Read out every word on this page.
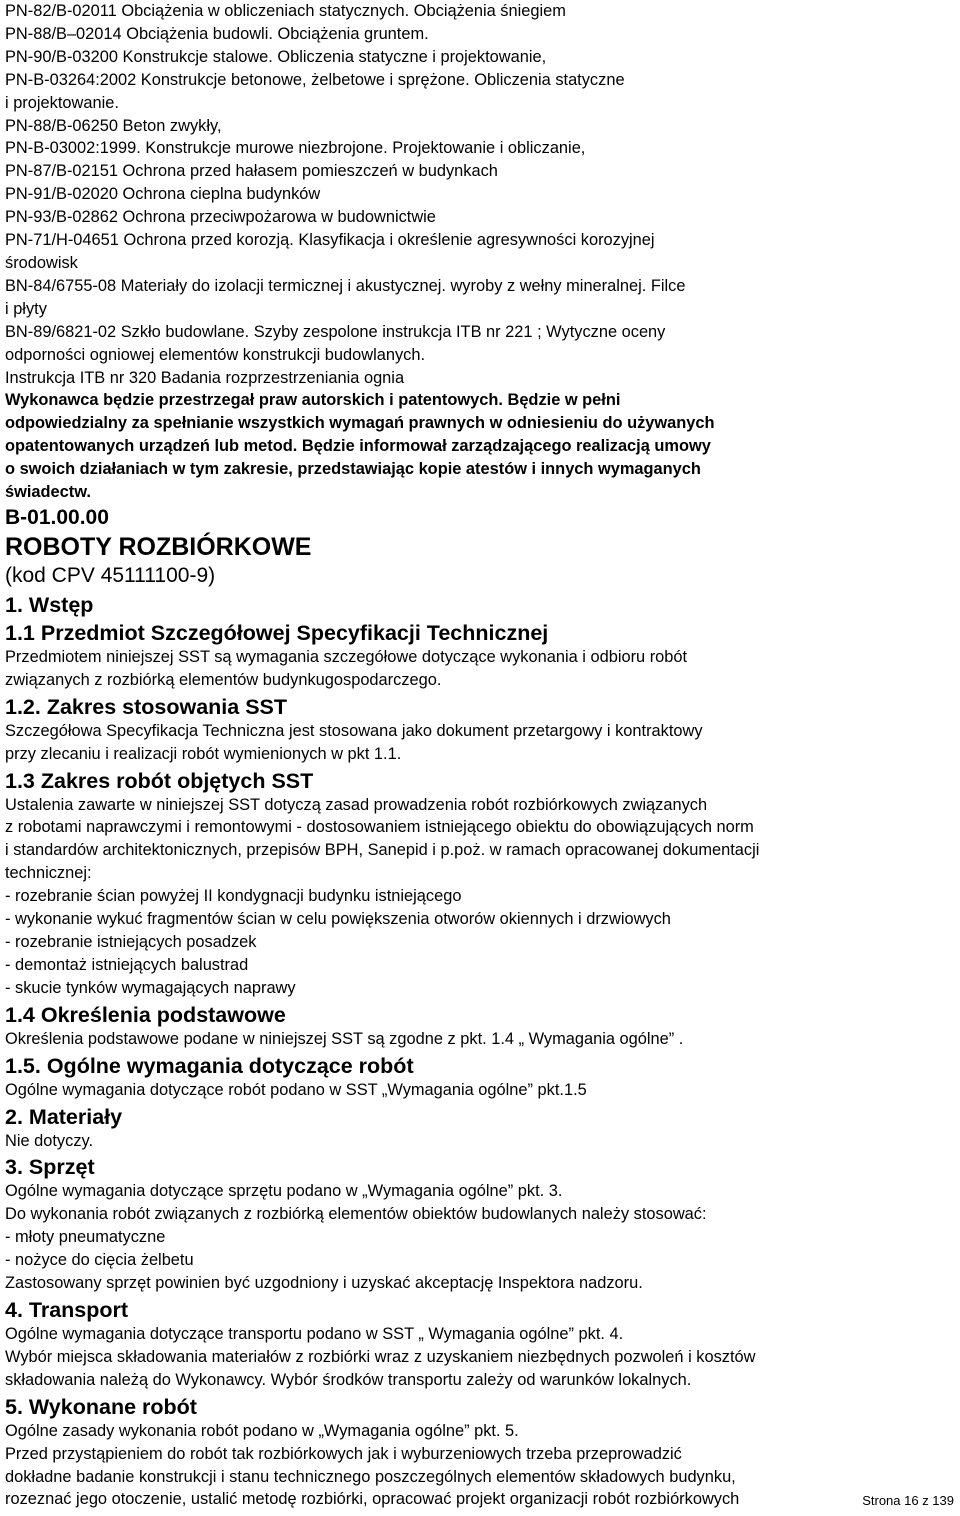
PN-82/B-02011 Obciążenia w obliczeniach statycznych. Obciążenia śniegiem
PN-88/B–02014 Obciążenia budowli. Obciążenia gruntem.
PN-90/B-03200 Konstrukcje stalowe. Obliczenia statyczne i projektowanie,
PN-B-03264:2002 Konstrukcje betonowe, żelbetowe i sprężone. Obliczenia statyczne
i projektowanie.
PN-88/B-06250 Beton zwykły,
PN-B-03002:1999. Konstrukcje murowe niezbrojone. Projektowanie i obliczanie,
PN-87/B-02151 Ochrona przed hałasem pomieszczeń w budynkach
PN-91/B-02020 Ochrona cieplna budynków
PN-93/B-02862 Ochrona przeciwpożarowa w budownictwie
PN-71/H-04651 Ochrona przed korozją. Klasyfikacja i określenie agresywności korozyjnej
środowisk
BN-84/6755-08 Materiały do izolacji termicznej i akustycznej. wyroby z wełny mineralnej. Filce
i płyty
BN-89/6821-02 Szkło budowlane. Szyby zespolone instrukcja ITB nr 221 ; Wytyczne oceny
odporności ogniowej elementów konstrukcji budowlanych.
Instrukcja ITB nr 320 Badania rozprzestrzeniania ognia
Wykonawca będzie przestrzegał praw autorskich i patentowych. Będzie w pełni
odpowiedzialny za spełnianie wszystkich wymagań prawnych w odniesieniu do używanych
opatentowanych urządzeń lub metod. Będzie informował zarządzającego realizacją umowy
o swoich działaniach w tym zakresie, przedstawiając kopie atestów i innych wymaganych
świadectw.
B-01.00.00
ROBOTY ROZBIÓRKOWE
(kod CPV 45111100-9)
1. Wstęp
1.1 Przedmiot Szczegółowej Specyfikacji Technicznej
Przedmiotem niniejszej SST są wymagania szczegółowe dotyczące wykonania i odbioru robót
związanych z rozbiórką elementów budynkugospodarczego.
1.2. Zakres stosowania SST
Szczegółowa Specyfikacja Techniczna jest stosowana jako dokument przetargowy i kontraktowy
przy zlecaniu i realizacji robót wymienionych w pkt 1.1.
1.3 Zakres robót objętych SST
Ustalenia zawarte w niniejszej SST dotyczą zasad prowadzenia robót rozbiórkowych związanych
z robotami naprawczymi i remontowymi - dostosowaniem istniejącego obiektu do obowiązujących norm
i standardów architektonicznych, przepisów BPH, Sanepid i p.poż. w ramach opracowanej dokumentacji
technicznej:
- rozebranie ścian powyżej II kondygnacji budynku istniejącego
- wykonanie wykuć fragmentów ścian w celu powiększenia otworów okiennych i drzwiowych
- rozebranie istniejących posadzek
- demontaż istniejących balustrad
- skucie tynków wymagających naprawy
1.4 Określenia podstawowe
Określenia podstawowe podane w niniejszej SST są zgodne z pkt. 1.4 „ Wymagania ogólne” .
1.5. Ogólne wymagania dotyczące robót
Ogólne wymagania dotyczące robót podano w SST „Wymagania ogólne” pkt.1.5
2. Materiały
Nie dotyczy.
3. Sprzęt
Ogólne wymagania dotyczące sprzętu podano w „Wymagania ogólne” pkt. 3.
Do wykonania robót związanych z rozbiórką elementów obiektów budowlanych należy stosować:
- młoty pneumatyczne
- nożyce do cięcia żelbetu
Zastosowany sprzęt powinien być uzgodniony i uzyskać akceptację Inspektora nadzoru.
4. Transport
Ogólne wymagania dotyczące transportu podano w SST „ Wymagania ogólne” pkt. 4.
Wybór miejsca składowania materiałów z rozbiórki wraz z uzyskaniem niezbędnych pozwoleń i kosztów
składowania należą do Wykonawcy. Wybór środków transportu zależy od warunków lokalnych.
5. Wykonane robót
Ogólne zasady wykonania robót podano w „Wymagania ogólne” pkt. 5.
Przed przystąpieniem do robót tak rozbiórkowych jak i wyburzeniowych trzeba przeprowadzić
dokładne badanie konstrukcji i stanu technicznego poszczególnych elementów składowych budynku,
rozeznać jego otoczenie, ustalić metodę rozbiórki, opracować projekt organizacji robót rozbiórkowych	Strona 16 z 139
